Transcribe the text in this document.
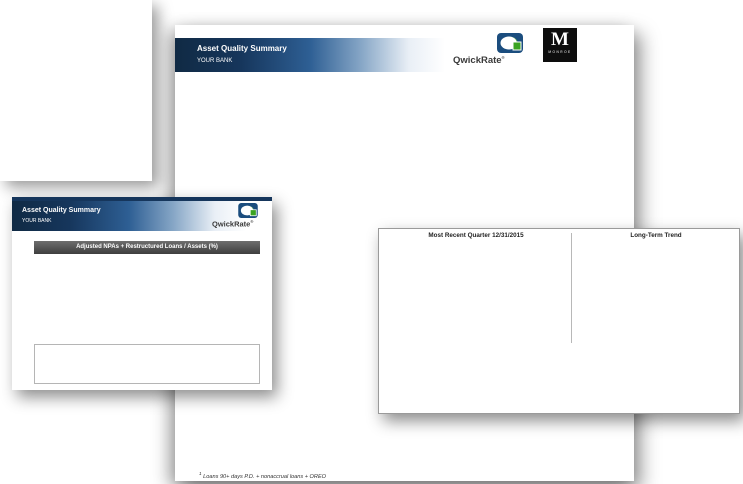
Asset Quality Summary
YOUR BANK	QwickRate®
M
MONROE
$^1$ Loans 90+ days P.D. + nonaccrual loans + OREO
Asset Quality Summary
YOUR BANK	QwickRate®
Adjusted NPAs + Restructured Loans / Assets (%)
Most Recent Quarter 12/31/2015	Long-Term Trend
